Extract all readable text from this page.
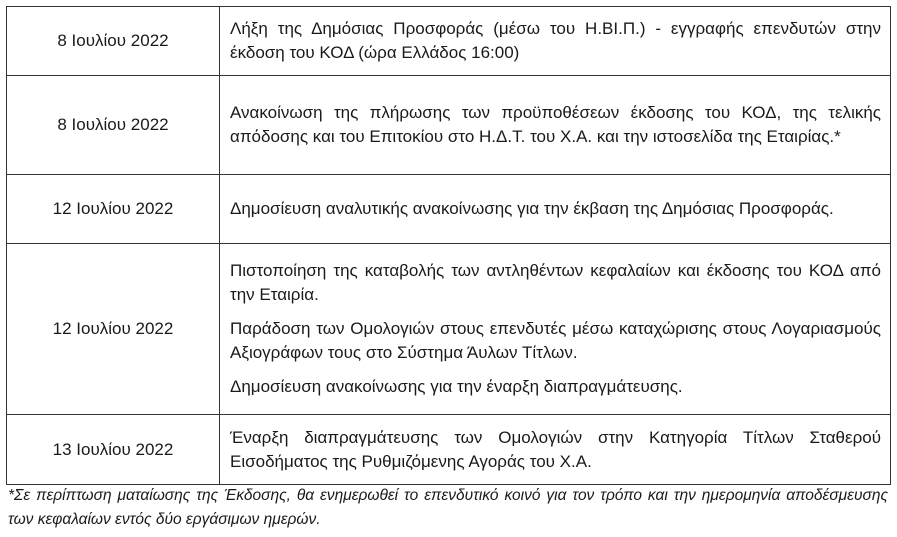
8 Ιουλίου 2022	Λήξη της Δημόσιας Προσφοράς (μέσω του Η.ΒΙ.Π.) - εγγραφής επενδυτών στην έκδοση του ΚΟΔ (ώρα Ελλάδος 16:00)

8 Ιουλίου 2022	Ανακοίνωση της πλήρωσης των προϋποθέσεων έκδοσης του ΚΟΔ, της τελικής απόδοσης και του Επιτοκίου στο Η.Δ.Τ. του Χ.Α. και την ιστοσελίδα της Εταιρίας.*

12 Ιουλίου 2022	Δημοσίευση αναλυτικής ανακοίνωσης για την έκβαση της Δημόσιας Προσφοράς.

12 Ιουλίου 2022	Πιστοποίηση της καταβολής των αντληθέντων κεφαλαίων και έκδοσης του ΚΟΔ από την Εταιρία.

Παράδοση των Ομολογιών στους επενδυτές μέσω καταχώρισης στους Λογαριασμούς Αξιογράφων τους στο Σύστημα Άυλων Τίτλων.

Δημοσίευση ανακοίνωσης για την έναρξη διαπραγμάτευσης.

13 Ιουλίου 2022	Έναρξη διαπραγμάτευσης των Ομολογιών στην Κατηγορία Τίτλων Σταθερού Εισοδήματος της Ρυθμιζόμενης Αγοράς του Χ.Α.

*Σε περίπτωση ματαίωσης της Έκδοσης, θα ενημερωθεί το επενδυτικό κοινό για τον τρόπο και την ημερομηνία αποδέσμευσης των κεφαλαίων εντός δύο εργάσιμων ημερών.
